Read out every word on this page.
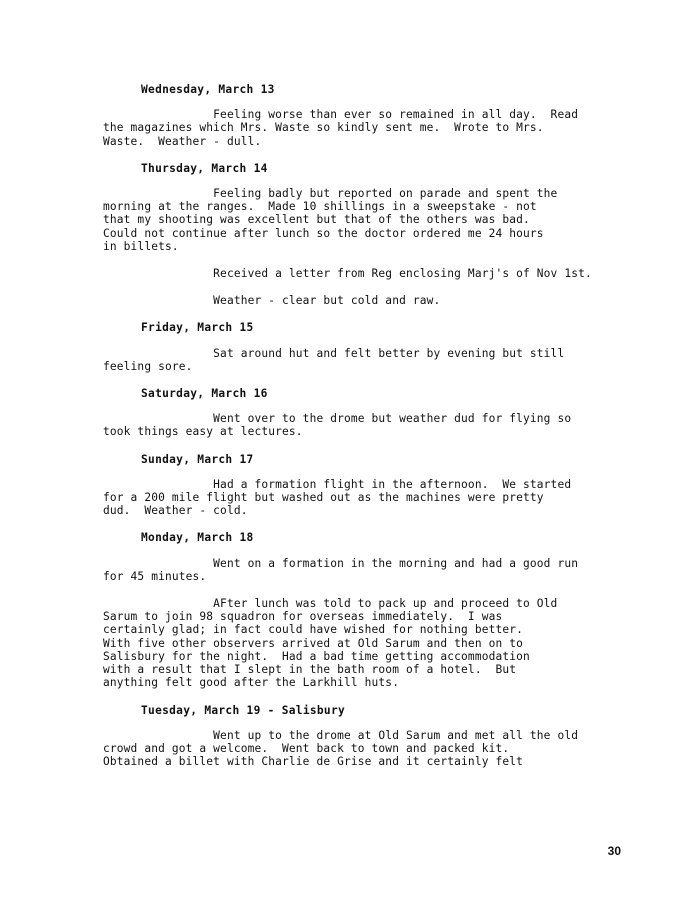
Wednesday, March 13
Feeling worse than ever so remained in all day.  Read
the magazines which Mrs. Waste so kindly sent me.  Wrote to Mrs.
Waste.  Weather - dull.
Thursday, March 14
Feeling badly but reported on parade and spent the
morning at the ranges.  Made 10 shillings in a sweepstake - not
that my shooting was excellent but that of the others was bad.
Could not continue after lunch so the doctor ordered me 24 hours
in billets.
Received a letter from Reg enclosing Marj's of Nov 1st.
Weather - clear but cold and raw.
Friday, March 15
Sat around hut and felt better by evening but still
feeling sore.
Saturday, March 16
Went over to the drome but weather dud for flying so
took things easy at lectures.
Sunday, March 17
Had a formation flight in the afternoon.  We started
for a 200 mile flight but washed out as the machines were pretty
dud.  Weather - cold.
Monday, March 18
Went on a formation in the morning and had a good run
for 45 minutes.
AFter lunch was told to pack up and proceed to Old
Sarum to join 98 squadron for overseas immediately.  I was
certainly glad; in fact could have wished for nothing better.
With five other observers arrived at Old Sarum and then on to
Salisbury for the night.  Had a bad time getting accommodation
with a result that I slept in the bath room of a hotel.  But
anything felt good after the Larkhill huts.
Tuesday, March 19 - Salisbury
Went up to the drome at Old Sarum and met all the old
crowd and got a welcome.  Went back to town and packed kit.
Obtained a billet with Charlie de Grise and it certainly felt
30
